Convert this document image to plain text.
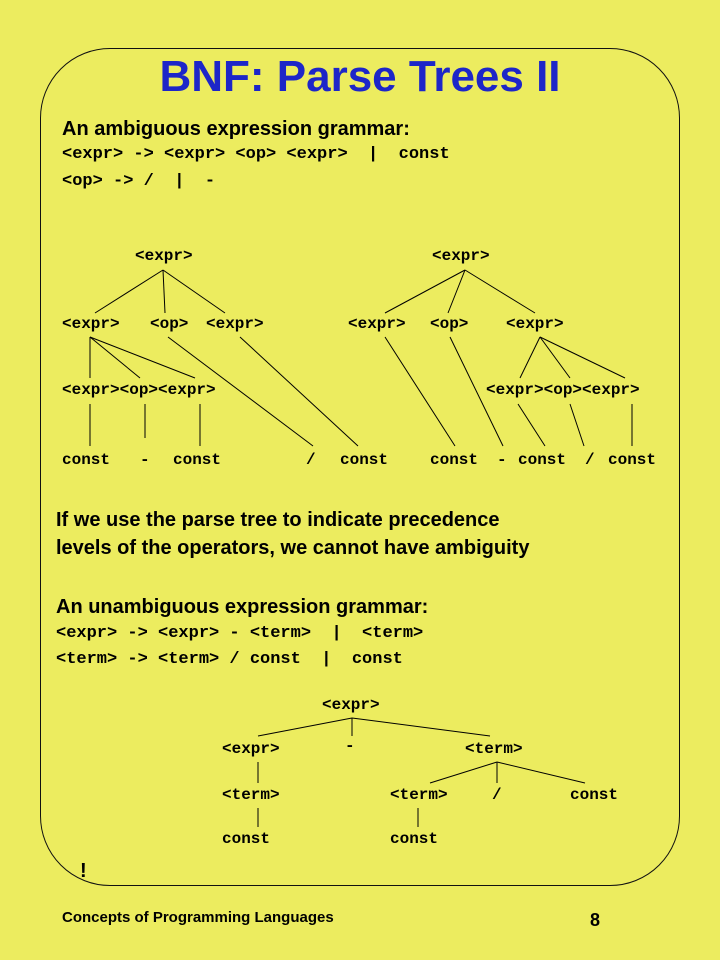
BNF: Parse Trees II
An ambiguous expression grammar:
<expr> -> <expr> <op> <expr>  |  const
<op> -> /  |  -
<expr>
<expr> <op> <expr>
<expr><op><expr>
const - const	/ const
<expr>
<expr> <op> <expr>
<expr><op><expr>
const - const / const
If we use the parse tree to indicate precedence
levels of the operators, we cannot have ambiguity
An unambiguous expression grammar:
<expr> -> <expr> - <term>  |  <term>
<term> -> <term> / const  |  const
<expr>
<expr>	-	<term>
<term>	<term>	/	const
const	const
!
Concepts of Programming Languages	8
